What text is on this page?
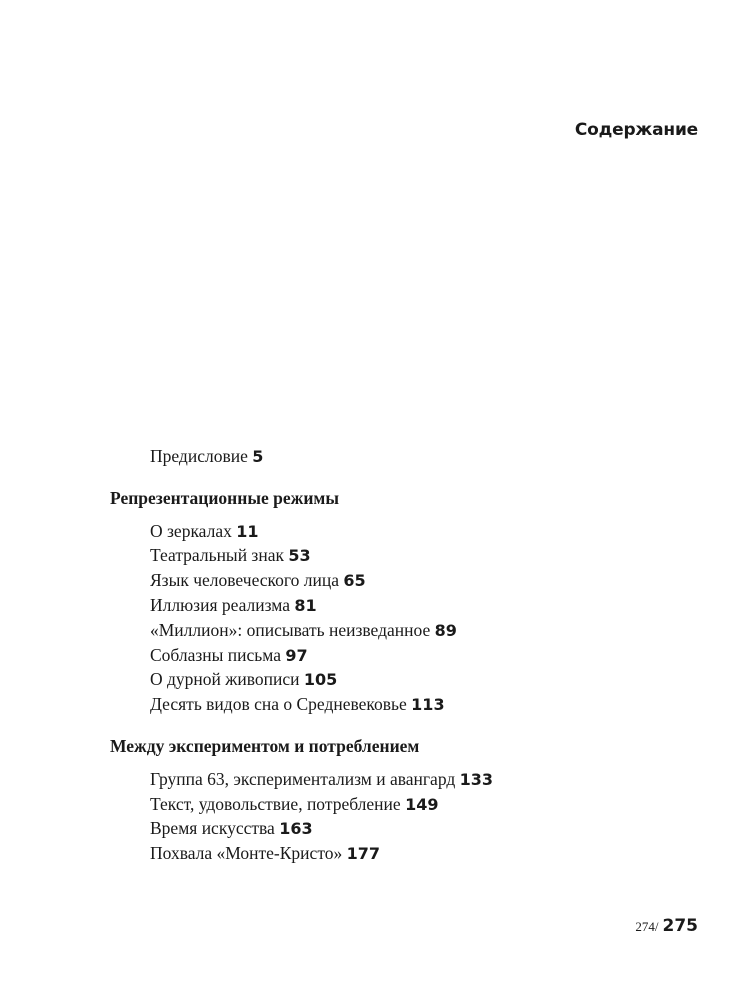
Содержание
Предисловие 5
Репрезентационные режимы
О зеркалах 11
Театральный знак 53
Язык человеческого лица 65
Иллюзия реализма 81
«Миллион»: описывать неизведанное 89
Соблазны письма 97
О дурной живописи 105
Десять видов сна о Средневековье 113
Между экспериментом и потреблением
Группа 63, экспериментализм и авангард 133
Текст, удовольствие, потребление 149
Время искусства 163
Похвала «Монте-Кристо» 177
274/ 275
